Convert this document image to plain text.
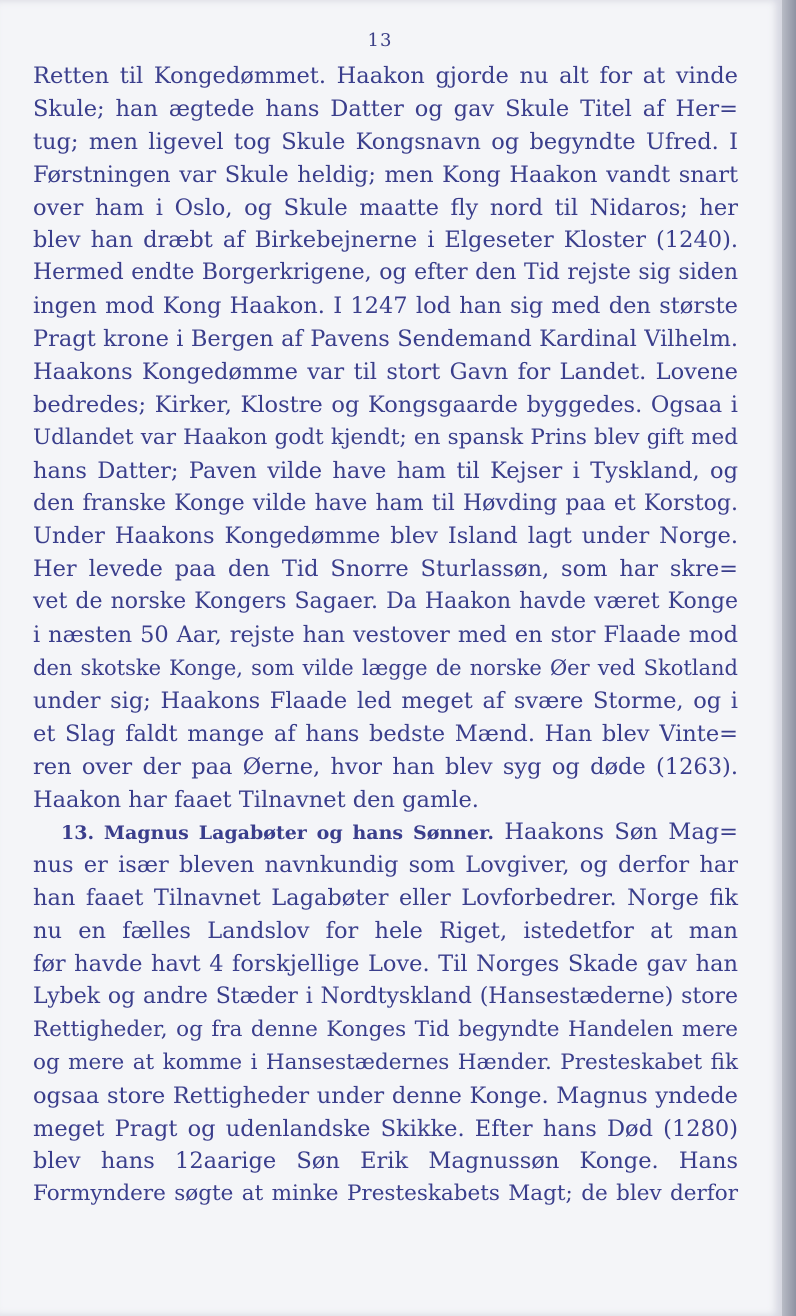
13
Retten til Kongedømmet. Haakon gjorde nu alt for at vinde
Skule; han ægtede hans Datter og gav Skule Titel af Her=
tug; men ligevel tog Skule Kongsnavn og begyndte Ufred. I
Førstningen var Skule heldig; men Kong Haakon vandt snart
over ham i Oslo, og Skule maatte fly nord til Nidaros; her
blev han dræbt af Birkebejnerne i Elgeseter Kloster (1240).
Hermed endte Borgerkrigene, og efter den Tid rejste sig siden
ingen mod Kong Haakon. I 1247 lod han sig med den største
Pragt krone i Bergen af Pavens Sendemand Kardinal Vilhelm.
Haakons Kongedømme var til stort Gavn for Landet. Lovene
bedredes; Kirker, Klostre og Kongsgaarde byggedes. Ogsaa i
Udlandet var Haakon godt kjendt; en spansk Prins blev gift med
hans Datter; Paven vilde have ham til Kejser i Tyskland, og
den franske Konge vilde have ham til Høvding paa et Korstog.
Under Haakons Kongedømme blev Island lagt under Norge.
Her levede paa den Tid Snorre Sturlassøn, som har skre=
vet de norske Kongers Sagaer. Da Haakon havde været Konge
i næsten 50 Aar, rejste han vestover med en stor Flaade mod
den skotske Konge, som vilde lægge de norske Øer ved Skotland
under sig; Haakons Flaade led meget af svære Storme, og i
et Slag faldt mange af hans bedste Mænd. Han blev Vinte=
ren over der paa Øerne, hvor han blev syg og døde (1263).
Haakon har faaet Tilnavnet den gamle.
13. Magnus Lagabøter og hans Sønner. Haakons Søn Mag=
nus er især bleven navnkundig som Lovgiver, og derfor har
han faaet Tilnavnet Lagabøter eller Lovforbedrer. Norge fik
nu en fælles Landslov for hele Riget, istedetfor at man
før havde havt 4 forskjellige Love. Til Norges Skade gav han
Lybek og andre Stæder i Nordtyskland (Hansestæderne) store
Rettigheder, og fra denne Konges Tid begyndte Handelen mere
og mere at komme i Hansestædernes Hænder. Presteskabet fik
ogsaa store Rettigheder under denne Konge. Magnus yndede
meget Pragt og udenlandske Skikke. Efter hans Død (1280)
blev hans 12aarige Søn Erik Magnussøn Konge. Hans
Formyndere søgte at minke Presteskabets Magt; de blev derfor
